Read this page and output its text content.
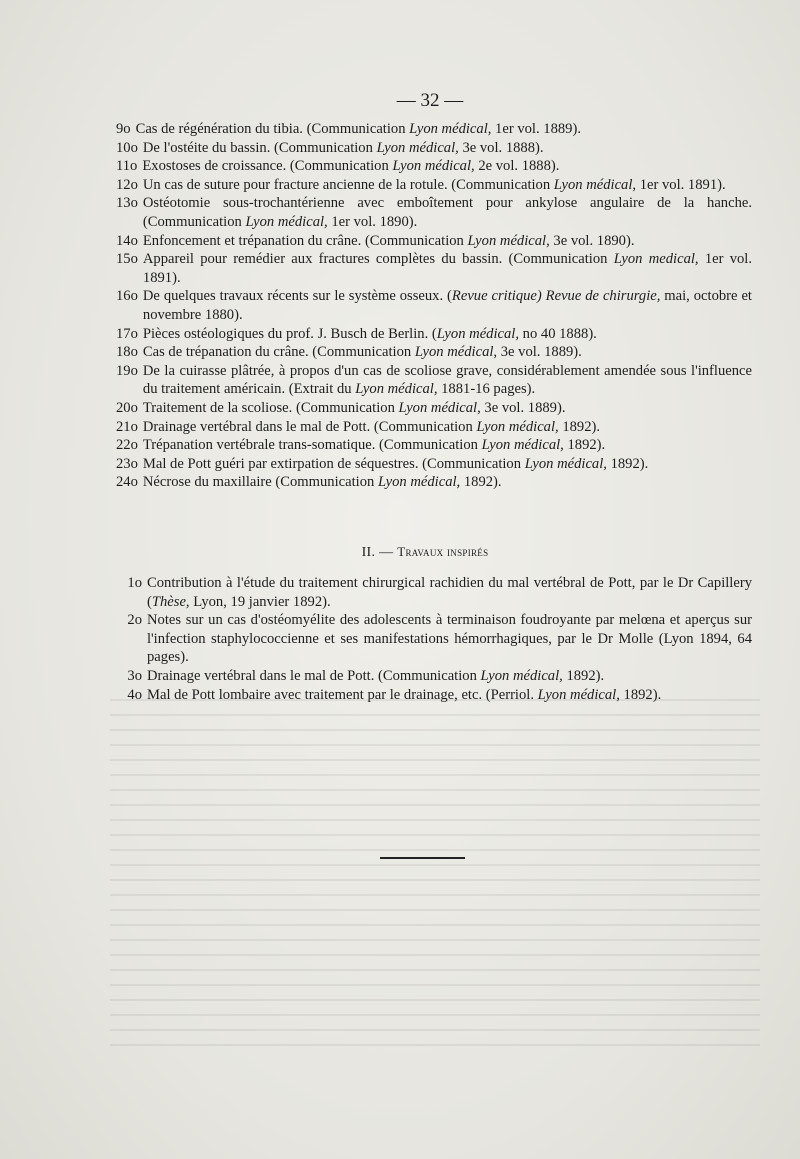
— 32 —
9o Cas de régénération du tibia. (Communication Lyon médical, 1er vol. 1889).
10o De l'ostéite du bassin. (Communication Lyon médical, 3e vol. 1888).
11o Exostoses de croissance. (Communication Lyon médical, 2e vol. 1888).
12o Un cas de suture pour fracture ancienne de la rotule. (Communication Lyon médical, 1er vol. 1891).
13o Ostéotomie sous-trochantérienne avec emboîtement pour ankylose angulaire de la hanche. (Communication Lyon médical, 1er vol. 1890).
14o Enfoncement et trépanation du crâne. (Communication Lyon médical, 3e vol. 1890).
15o Appareil pour remédier aux fractures complètes du bassin. (Communication Lyon medical, 1er vol. 1891).
16o De quelques travaux récents sur le système osseux. (Revue critique) Revue de chirurgie, mai, octobre et novembre 1880).
17o Pièces ostéologiques du prof. J. Busch de Berlin. (Lyon médical, no 40 1888).
18o Cas de trépanation du crâne. (Communication Lyon médical, 3e vol. 1889).
19o De la cuirasse plâtrée, à propos d'un cas de scoliose grave, considérablement amendée sous l'influence du traitement américain. (Extrait du Lyon médical, 1881-16 pages).
20o Traitement de la scoliose. (Communication Lyon médical, 3e vol. 1889).
21o Drainage vertébral dans le mal de Pott. (Communication Lyon médical, 1892).
22o Trépanation vertébrale trans-somatique. (Communication Lyon médical, 1892).
23o Mal de Pott guéri par extirpation de séquestres. (Communication Lyon médical, 1892).
24o Nécrose du maxillaire (Communication Lyon médical, 1892).
II. — Travaux inspirés
1o Contribution à l'étude du traitement chirurgical rachidien du mal vertébral de Pott, par le Dr Capillery (Thèse, Lyon, 19 janvier 1892).
2o Notes sur un cas d'ostéomyélite des adolescents à terminaison foudroyante par melœna et aperçus sur l'infection staphylococcienne et ses manifestations hémorrhagiques, par le Dr Molle (Lyon 1894, 64 pages).
3o Drainage vertébral dans le mal de Pott. (Communication Lyon médical, 1892).
4o Mal de Pott lombaire avec traitement par le drainage, etc. (Perriol. Lyon médical, 1892).
